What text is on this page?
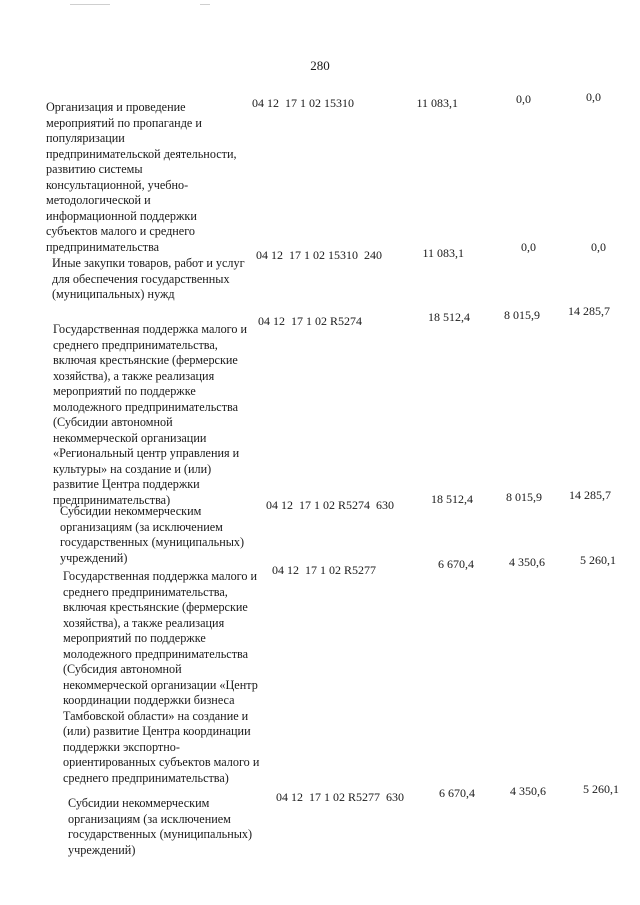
280
Организация и проведение мероприятий по пропаганде и популяризации предпринимательской деятельности, развитию системы консультационной, учебно-методологической и информационной поддержки субъектов малого и среднего предпринимательства
04 12  17 1 02 15310	11 083,1	0,0	0,0
Иные закупки товаров, работ и услуг для обеспечения государственных (муниципальных) нужд
04 12  17 1 02 15310  240	11 083,1	0,0	0,0
Государственная поддержка малого и среднего предпринимательства, включая крестьянские (фермерские хозяйства), а также реализация мероприятий по поддержке молодежного предпринимательства (Субсидии автономной некоммерческой организации «Региональный центр управления и культуры» на создание и (или) развитие Центра поддержки предпринимательства)
04 12  17 1 02 R5274	18 512,4	8 015,9	14 285,7
Субсидии некоммерческим организациям (за исключением государственных (муниципальных) учреждений)
04 12  17 1 02 R5274  630	18 512,4	8 015,9	14 285,7
Государственная поддержка малого и среднего предпринимательства, включая крестьянские (фермерские хозяйства), а также реализация мероприятий по поддержке молодежного предпринимательства (Субсидия автономной некоммерческой организации «Центр координации поддержки бизнеса Тамбовской области» на создание и (или) развитие Центра координации поддержки экспортно-ориентированных субъектов малого и среднего предпринимательства)
04 12  17 1 02 R5277	6 670,4	4 350,6	5 260,1
Субсидии некоммерческим организациям (за исключением государственных (муниципальных) учреждений)
04 12  17 1 02 R5277  630	6 670,4	4 350,6	5 260,1
